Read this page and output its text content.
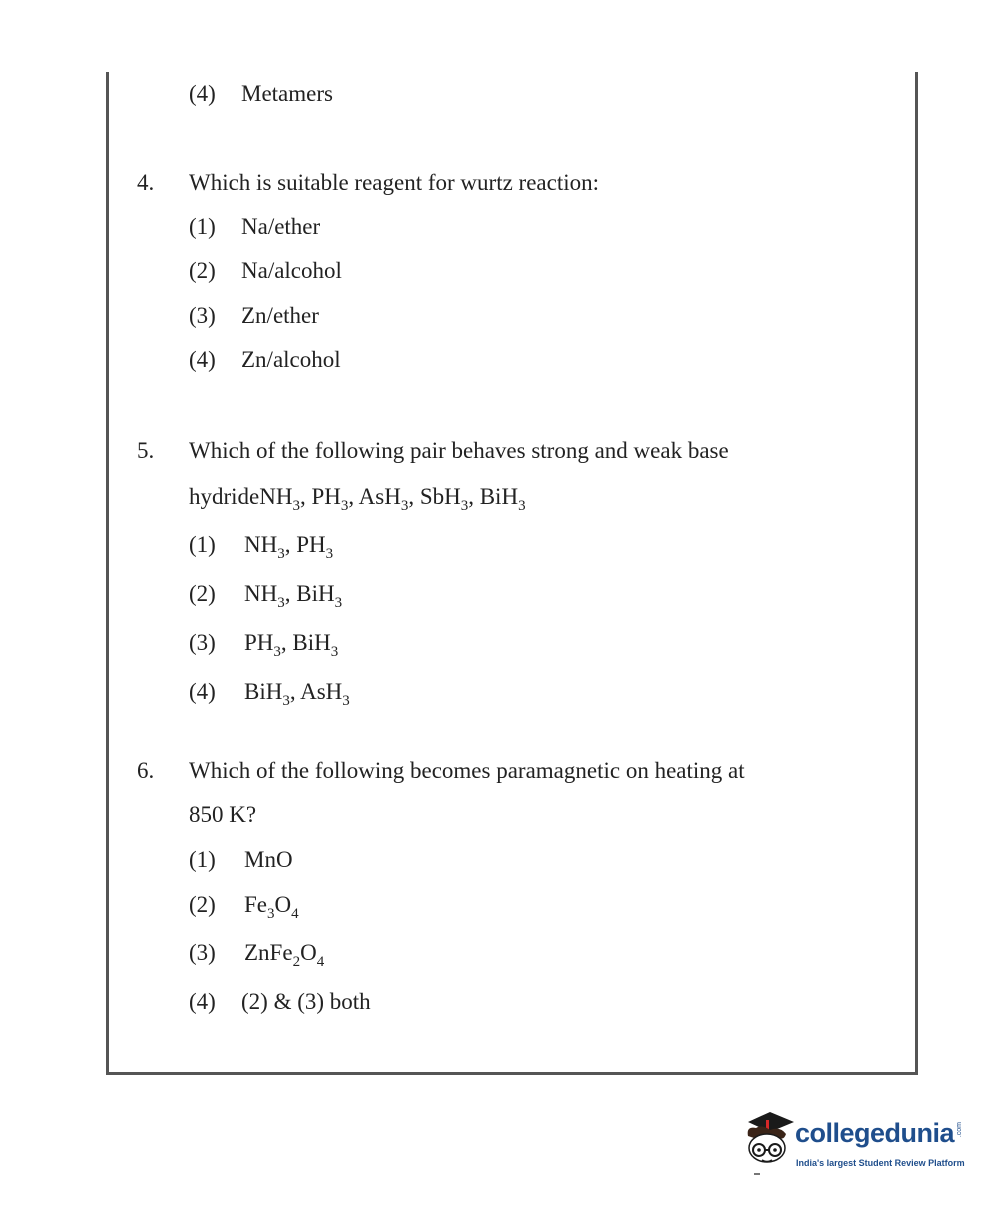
(4) Metamers
4. Which is suitable reagent for wurtz reaction:
(1) Na/ether
(2) Na/alcohol
(3) Zn/ether
(4) Zn/alcohol
5. Which of the following pair behaves strong and weak base
hydrideNH$_3$, $PH_3$, AsH$_3$, SbH$_3$, BiH$_3$
(1) $NH_3$, $PH_3$
(2) $NH_3$, BiH$_3$
(3) $PH_3$, BiH$_3$
(4) BiH$_3$, AsH$_3$
6. Which of the following becomes paramagnetic on heating at
850 K?
(1) MnO
(2) $Fe_3O_4$
(3) $ZnFe_2O_4$
(4) (2) & (3) both
collegedunia .com
India's largest Student Review Platform
